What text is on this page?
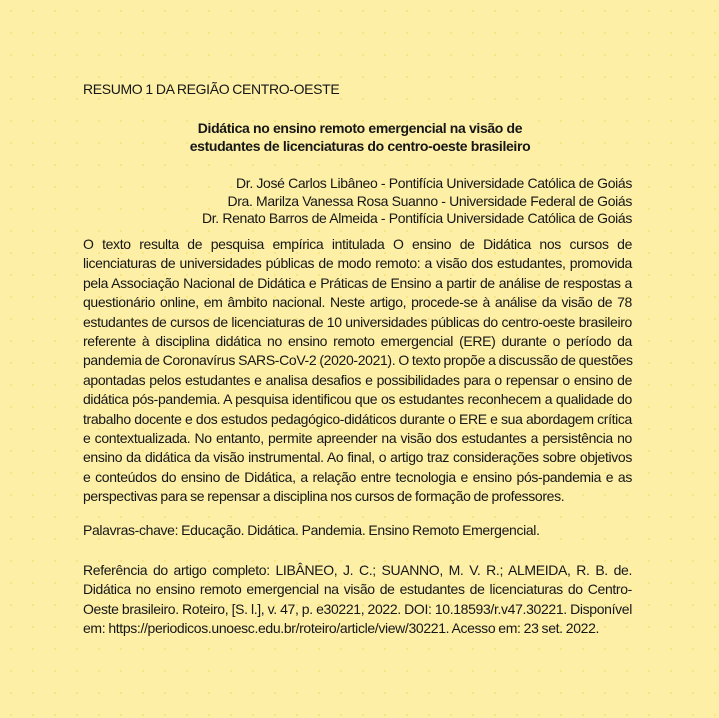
RESUMO 1 DA REGIÃO CENTRO-OESTE
Didática no ensino remoto emergencial na visão de
estudantes de licenciaturas do centro-oeste brasileiro
Dr. José Carlos Libâneo - Pontifícia Universidade Católica de Goiás
Dra. Marilza Vanessa Rosa Suanno - Universidade Federal de Goiás
Dr. Renato Barros de Almeida - Pontifícia Universidade Católica de Goiás
O texto resulta de pesquisa empírica intitulada O ensino de Didática nos cursos de
licenciaturas de universidades públicas de modo remoto: a visão dos estudantes, promovida
pela Associação Nacional de Didática e Práticas de Ensino a partir de análise de respostas a
questionário online, em âmbito nacional. Neste artigo, procede-se à análise da visão de 78
estudantes de cursos de licenciaturas de 10 universidades públicas do centro-oeste brasileiro
referente à disciplina didática no ensino remoto emergencial (ERE) durante o período da
pandemia de Coronavírus SARS-CoV-2 (2020-2021). O texto propõe a discussão de questões
apontadas pelos estudantes e analisa desafios e possibilidades para o repensar o ensino de
didática pós-pandemia. A pesquisa identificou que os estudantes reconhecem a qualidade do
trabalho docente e dos estudos pedagógico-didáticos durante o ERE e sua abordagem crítica
e contextualizada. No entanto, permite apreender na visão dos estudantes a persistência no
ensino da didática da visão instrumental. Ao final, o artigo traz considerações sobre objetivos
e conteúdos do ensino de Didática, a relação entre tecnologia e ensino pós-pandemia e as
perspectivas para se repensar a disciplina nos cursos de formação de professores.
Palavras-chave: Educação. Didática. Pandemia. Ensino Remoto Emergencial.
Referência do artigo completo: LIBÂNEO, J. C.; SUANNO, M. V. R.; ALMEIDA, R. B. de.
Didática no ensino remoto emergencial na visão de estudantes de licenciaturas do Centro-
Oeste brasileiro. Roteiro, [S. l.], v. 47, p. e30221, 2022. DOI: 10.18593/r.v47.30221. Disponível
em: https://periodicos.unoesc.edu.br/roteiro/article/view/30221. Acesso em: 23 set. 2022.
